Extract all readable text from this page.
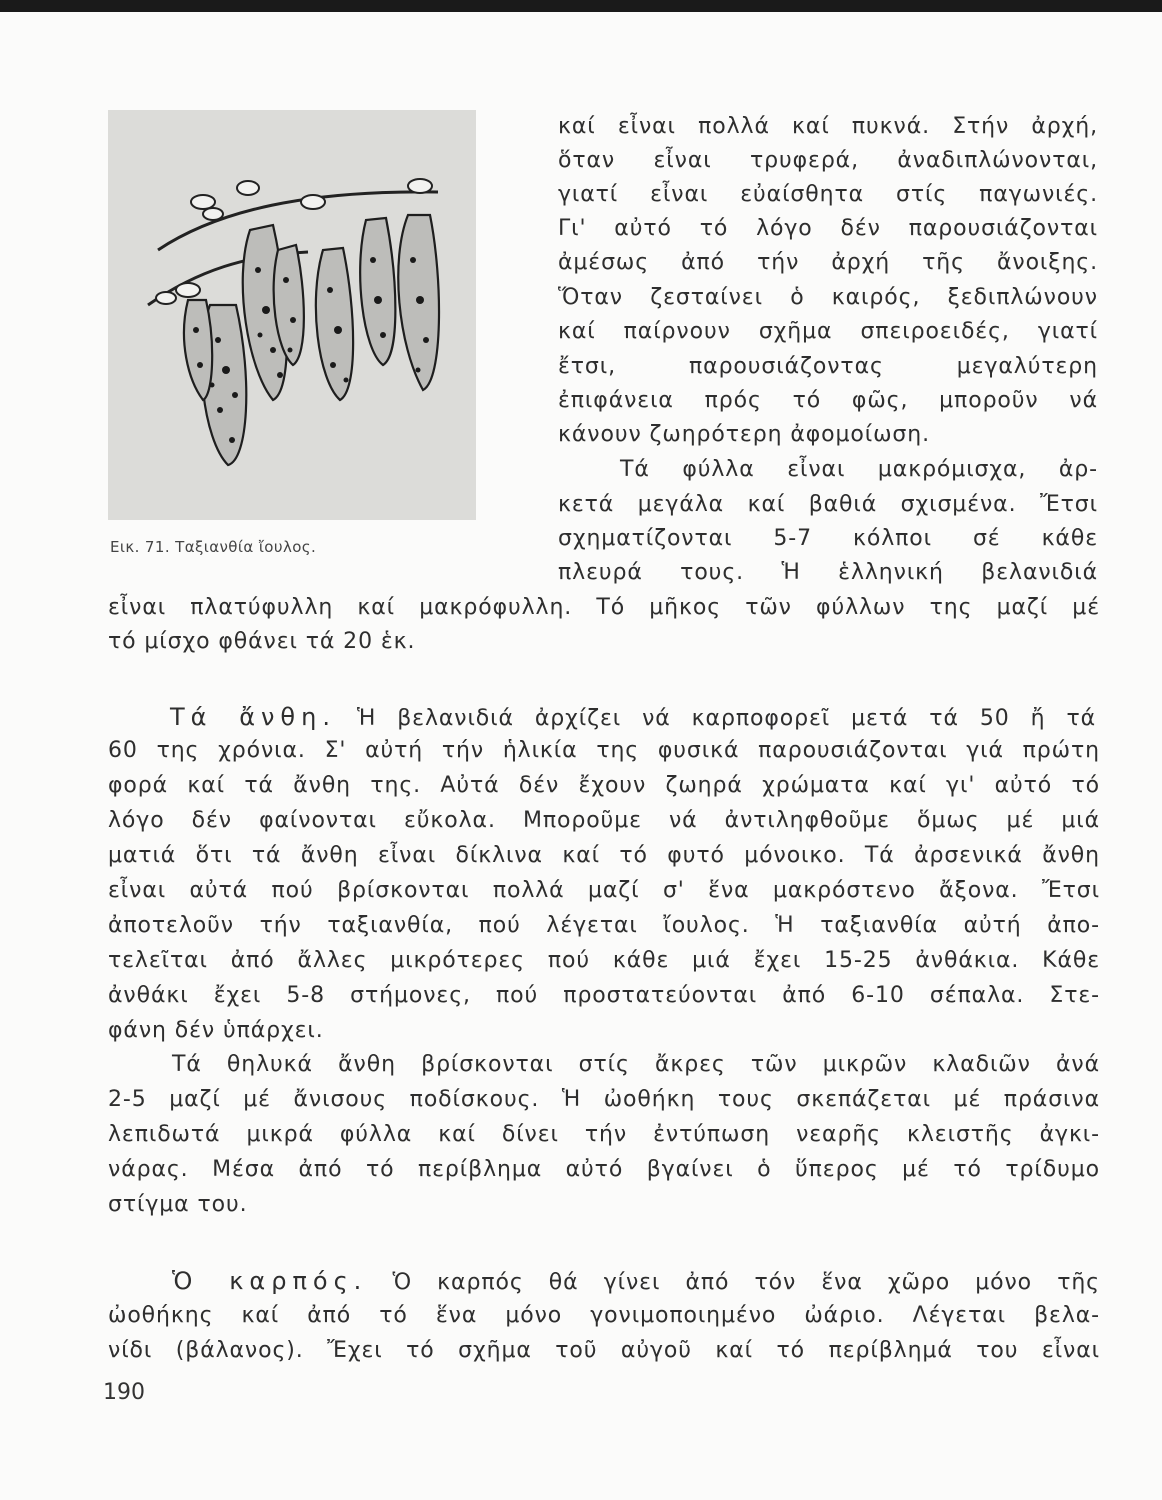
Εικ. 71. Ταξιανθία ἴουλος.
καί εἶναι πολλά καί πυκνά. Στήν ἀρχή,
ὅταν εἶναι τρυφερά, ἀναδιπλώνονται,
γιατί εἶναι εὐαίσθητα στίς παγωνιές.
Γι' αὐτό τό λόγο δέν παρουσιάζονται
ἀμέσως ἀπό τήν ἀρχή τῆς ἄνοιξης.
Ὅταν ζεσταίνει ὁ καιρός, ξεδιπλώνουν
καί παίρνουν σχῆμα σπειροειδές, γιατί
ἔτσι, παρουσιάζοντας μεγαλύτερη
ἐπιφάνεια πρός τό φῶς, μποροῦν νά
κάνουν ζωηρότερη ἀφομοίωση.
Τά φύλλα εἶναι μακρόμισχα, ἀρ-
κετά μεγάλα καί βαθιά σχισμένα. Ἔτσι
σχηματίζονται 5-7 κόλποι σέ κάθε
πλευρά τους. Ἡ ἑλληνική βελανιδιά
εἶναι πλατύφυλλη καί μακρόφυλλη. Τό μῆκος τῶν φύλλων της μαζί μέ
τό μίσχο φθάνει τά 20 ἑκ.
Τά ἄνθη. Ἡ βελανιδιά ἀρχίζει νά καρποφορεῖ μετά τά 50 ἤ τά
60 της χρόνια. Σ' αὐτή τήν ἡλικία της φυσικά παρουσιάζονται γιά πρώτη
φορά καί τά ἄνθη της. Αὐτά δέν ἔχουν ζωηρά χρώματα καί γι' αὐτό τό
λόγο δέν φαίνονται εὔκολα. Μποροῦμε νά ἀντιληφθοῦμε ὅμως μέ μιά
ματιά ὅτι τά ἄνθη εἶναι δίκλινα καί τό φυτό μόνοικο. Τά ἀρσενικά ἄνθη
εἶναι αὐτά πού βρίσκονται πολλά μαζί σ' ἕνα μακρόστενο ἄξονα. Ἔτσι
ἀποτελοῦν τήν ταξιανθία, πού λέγεται ἴουλος. Ἡ ταξιανθία αὐτή ἀπο-
τελεῖται ἀπό ἄλλες μικρότερες πού κάθε μιά ἔχει 15-25 ἀνθάκια. Κάθε
ἀνθάκι ἔχει 5-8 στήμονες, πού προστατεύονται ἀπό 6-10 σέπαλα. Στε-
φάνη δέν ὑπάρχει.
Τά θηλυκά ἄνθη βρίσκονται στίς ἄκρες τῶν μικρῶν κλαδιῶν ἀνά
2-5 μαζί μέ ἄνισους ποδίσκους. Ἡ ὠοθήκη τους σκεπάζεται μέ πράσινα
λεπιδωτά μικρά φύλλα καί δίνει τήν ἐντύπωση νεαρῆς κλειστῆς ἀγκι-
νάρας. Μέσα ἀπό τό περίβλημα αὐτό βγαίνει ὁ ὕπερος μέ τό τρίδυμο
στίγμα του.
Ὁ καρπός. Ὁ καρπός θά γίνει ἀπό τόν ἕνα χῶρο μόνο τῆς
ὠοθήκης καί ἀπό τό ἕνα μόνο γονιμοποιημένο ὠάριο. Λέγεται βελα-
νίδι (βάλανος). Ἔχει τό σχῆμα τοῦ αὐγοῦ καί τό περίβλημά του εἶναι
190
